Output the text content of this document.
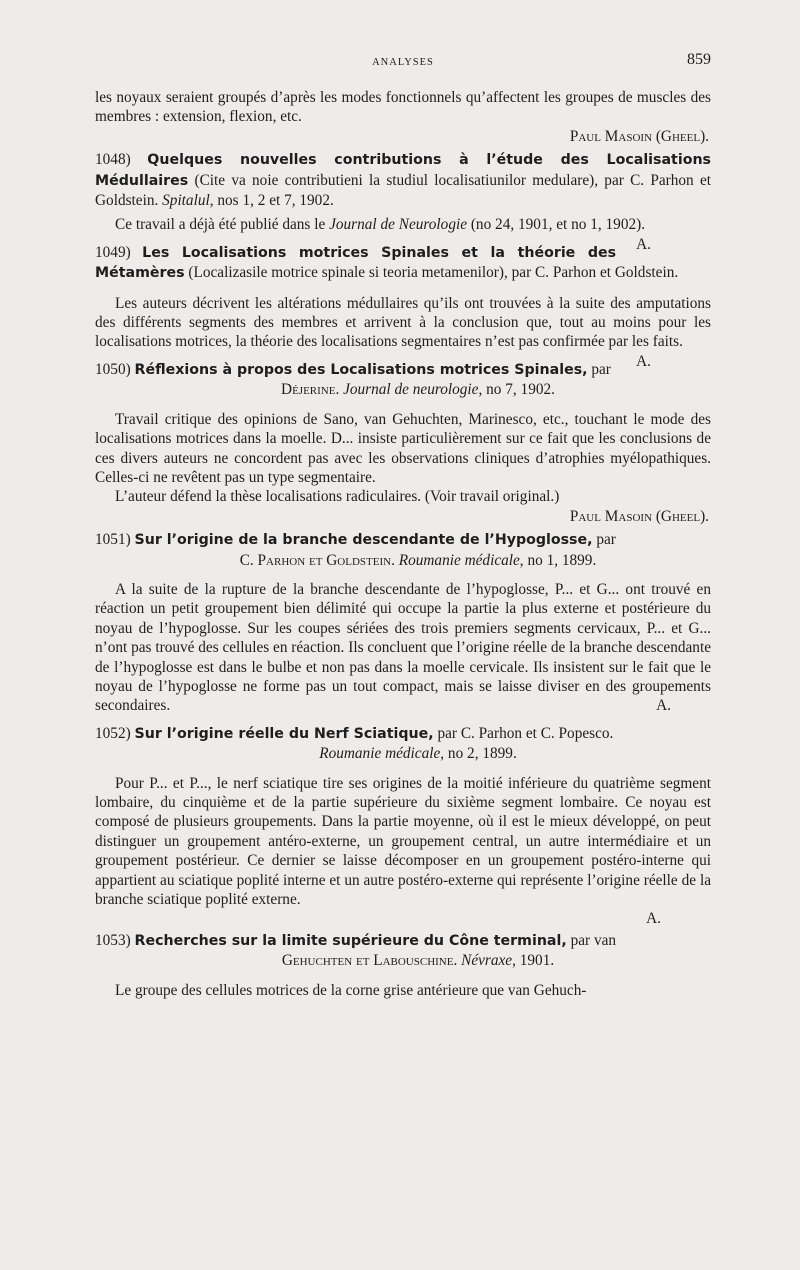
ANALYSES	859

les noyaux seraient groupés d’après les modes fonctionnels qu’affectent les groupes de muscles des membres : extension, flexion, etc.

Paul Masoin (Gheel).

1048) Quelques nouvelles contributions à l’étude des Localisations Médullaires (Cite va noie contributieni la studiul localisatiunilor medulare), par C. Parhon et Goldstein. Spitalul, nos 1, 2 et 7, 1902.

Ce travail a déjà été publié dans le Journal de Neurologie (no 24, 1901, et no 1, 1902).
A.

1049) Les Localisations motrices Spinales et la théorie des Métamères (Localizasile motrice spinale si teoria metamenilor), par C. Parhon et Goldstein.

Les auteurs décrivent les altérations médullaires qu’ils ont trouvées à la suite des amputations des différents segments des membres et arrivent à la conclusion que, tout au moins pour les localisations motrices, la théorie des localisations segmentaires n’est pas confirmée par les faits.
A.

1050) Réflexions à propos des Localisations motrices Spinales, par

Déjerine. Journal de neurologie, no 7, 1902.

Travail critique des opinions de Sano, van Gehuchten, Marinesco, etc., touchant le mode des localisations motrices dans la moelle. D... insiste particulièrement sur ce fait que les conclusions de ces divers auteurs ne concordent pas avec les observations cliniques d’atrophies myélopathiques. Celles-ci ne revêtent pas un type segmentaire.

L’auteur défend la thèse localisations radiculaires. (Voir travail original.)

Paul Masoin (Gheel).

1051) Sur l’origine de la branche descendante de l’Hypoglosse, par

C. Parhon et Goldstein. Roumanie médicale, no 1, 1899.

A la suite de la rupture de la branche descendante de l’hypoglosse, P... et G... ont trouvé en réaction un petit groupement bien délimité qui occupe la partie la plus externe et postérieure du noyau de l’hypoglosse. Sur les coupes sériées des trois premiers segments cervicaux, P... et G... n’ont pas trouvé des cellules en réaction. Ils concluent que l’origine réelle de la branche descendante de l’hypoglosse est dans le bulbe et non pas dans la moelle cervicale. Ils insistent sur le fait que le noyau de l’hypoglosse ne forme pas un tout compact, mais se laisse diviser en des groupements secondaires.	A.

1052) Sur l’origine réelle du Nerf Sciatique, par C. Parhon et C. Popesco.

Roumanie médicale, no 2, 1899.

Pour P... et P..., le nerf sciatique tire ses origines de la moitié inférieure du quatrième segment lombaire, du cinquième et de la partie supérieure du sixième segment lombaire. Ce noyau est composé de plusieurs groupements. Dans la partie moyenne, où il est le mieux développé, on peut distinguer un groupement antéro-externe, un groupement central, un autre intermédiaire et un groupement postérieur. Ce dernier se laisse décomposer en un groupement postéro-interne qui appartient au sciatique poplité interne et un autre postéro-externe qui représente l’origine réelle de la branche sciatique poplité externe.

A.

1053) Recherches sur la limite supérieure du Cône terminal, par van

Gehuchten et Labouschine. Névraxe, 1901.

Le groupe des cellules motrices de la corne grise antérieure que van Gehuch-
